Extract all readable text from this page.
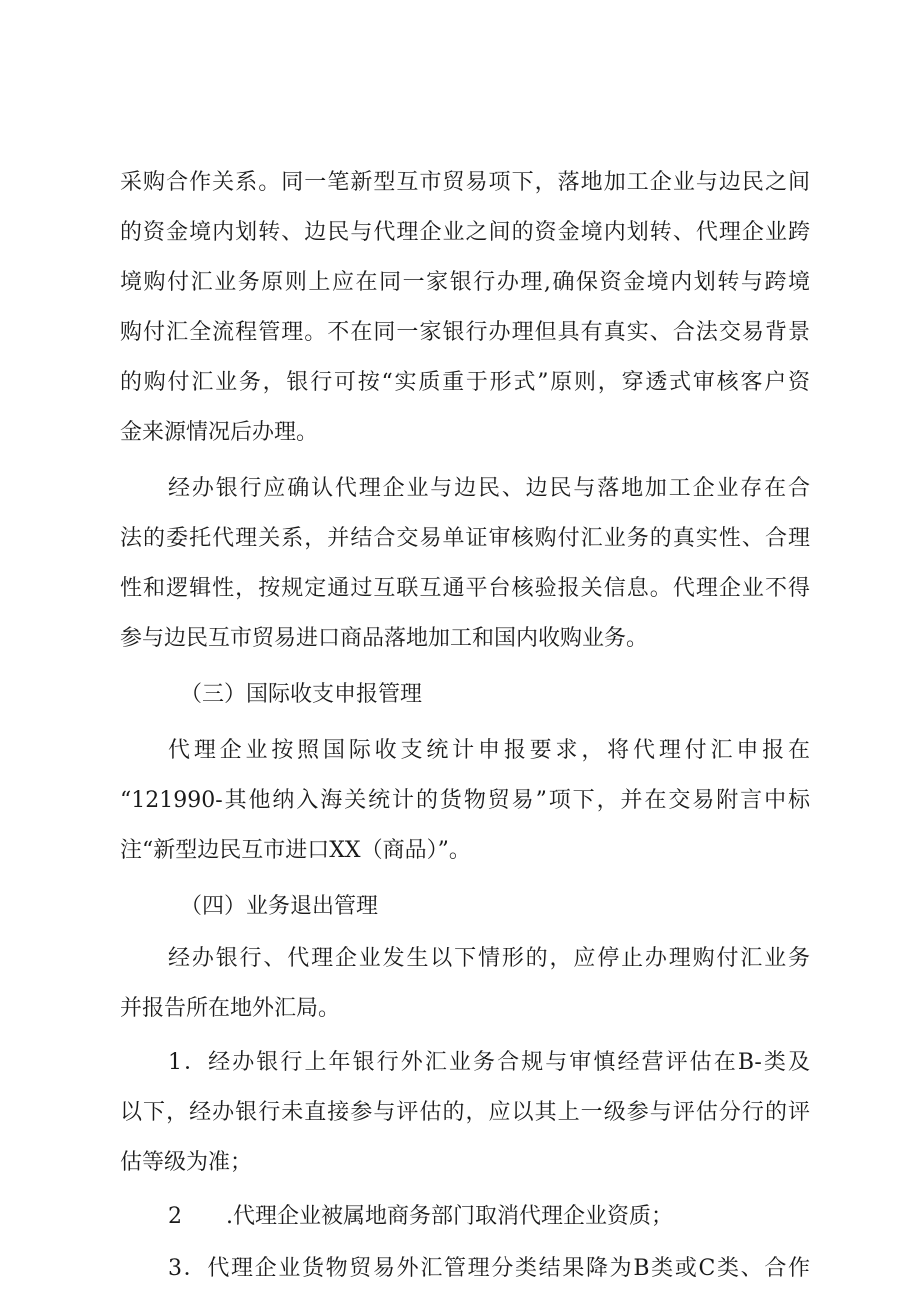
采购合作关系。同一笔新型互市贸易项下，落地加工企业与边民之间
的资金境内划转、边民与代理企业之间的资金境内划转、代理企业跨
境购付汇业务原则上应在同一家银行办理,确保资金境内划转与跨境
购付汇全流程管理。不在同一家银行办理但具有真实、合法交易背景
的购付汇业务，银行可按“实质重于形式”原则，穿透式审核客户资
金来源情况后办理。
经办银行应确认代理企业与边民、边民与落地加工企业存在合
法的委托代理关系，并结合交易单证审核购付汇业务的真实性、合理
性和逻辑性，按规定通过互联互通平台核验报关信息。代理企业不得
参与边民互市贸易进口商品落地加工和国内收购业务。
（三）国际收支申报管理
代理企业按照国际收支统计申报要求，将代理付汇申报在
“121990-其他纳入海关统计的货物贸易”项下，并在交易附言中标
注“新型边民互市进口XX（商品）”。
（四）业务退出管理
经办银行、代理企业发生以下情形的，应停止办理购付汇业务
并报告所在地外汇局。
1．经办银行上年银行外汇业务合规与审慎经营评估在B-类及
以下，经办银行未直接参与评估的，应以其上一级参与评估分行的评
估等级为准；
2　　.代理企业被属地商务部门取消代理企业资质；
3．代理企业货物贸易外汇管理分类结果降为B类或C类、合作
